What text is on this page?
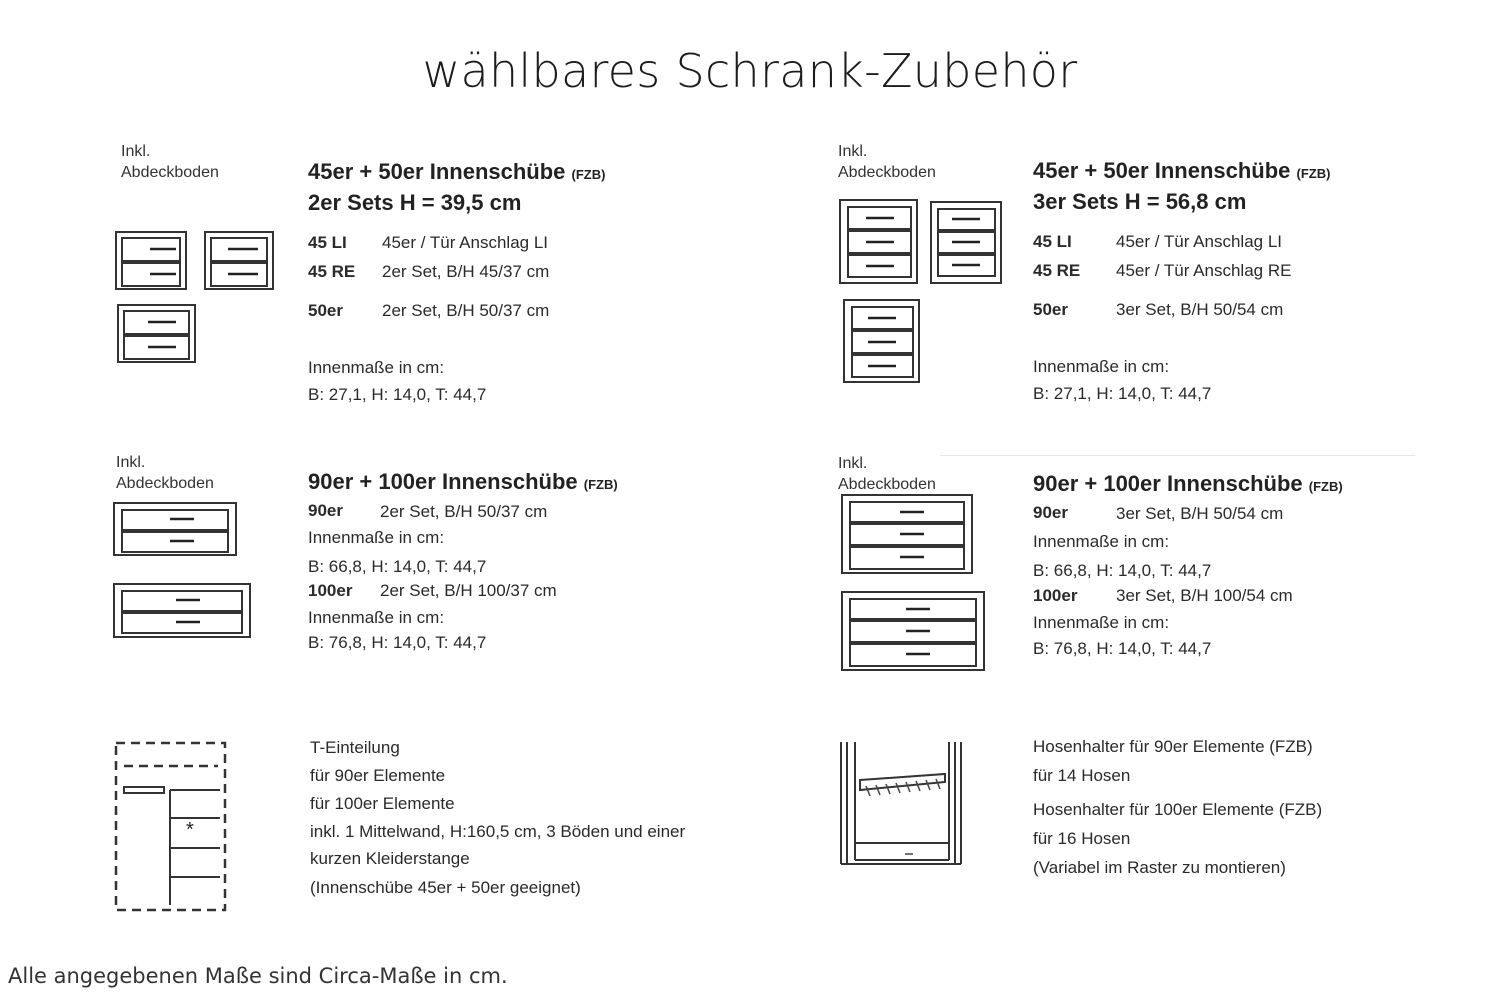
wählbares Schrank-Zubehör
Inkl.
Abdeckboden	45er + 50er Innenschübe (FZB)
2er Sets H = 39,5 cm
45 LI 45er / Tür Anschlag LI
45 RE 2er Set, B/H 45/37 cm
50er 2er Set, B/H 50/37 cm
Innenmaße in cm:
B: 27,1, H: 14,0, T: 44,7
Inkl.
Abdeckboden	45er + 50er Innenschübe (FZB)
3er Sets H = 56,8 cm
45 LI	45er / Tür Anschlag LI
45 RE 45er / Tür Anschlag RE
50er	3er Set, B/H 50/54 cm
Innenmaße in cm:
B: 27,1, H: 14,0, T: 44,7
Inkl.
Abdeckboden	90er + 100er Innenschübe (FZB)
90er 2er Set, B/H 50/37 cm
Innenmaße in cm:
B: 66,8, H: 14,0, T: 44,7
100er 2er Set, B/H 100/37 cm
Innenmaße in cm:
B: 76,8, H: 14,0, T: 44,7
Inkl.
Abdeckboden	90er + 100er Innenschübe (FZB)
90er	3er Set, B/H 50/54 cm
Innenmaße in cm:
B: 66,8, H: 14,0, T: 44,7
100er 3er Set, B/H 100/54 cm
Innenmaße in cm:
B: 76,8, H: 14,0, T: 44,7
*
T-Einteilung
für 90er Elemente
für 100er Elemente
inkl. 1 Mittelwand, H:160,5 cm, 3 Böden und einer
kurzen Kleiderstange
(Innenschübe 45er + 50er geeignet)
Hosenhalter für 90er Elemente (FZB)
für 14 Hosen
Hosenhalter für 100er Elemente (FZB)
für 16 Hosen
(Variabel im Raster zu montieren)
Alle angegebenen Maße sind Circa-Maße in cm.
